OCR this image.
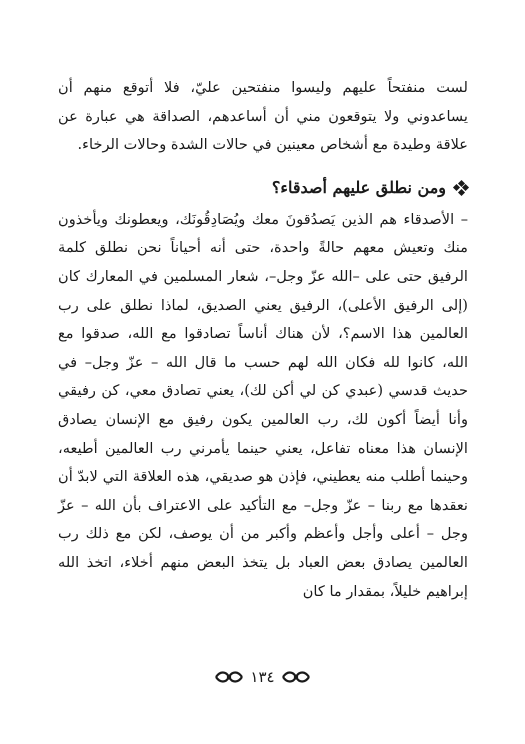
لست منفتحاً عليهم وليسوا منفتحين عليّ، فلا أتوقع منهم أن يساعدوني ولا يتوقعون مني أن أساعدهم، الصداقة هي عبارة عن علاقة وطيدة مع أشخاص معينين في حالات الشدة وحالات الرخاء.

ومن نطلق عليهم أصدقاء؟

– الأصدقاء هم الذين يَصدُقونَ معك ويُصَادِقُونَك، ويعطونك ويأخذون منك وتعيش معهم حالةً واحدة، حتى أنه أحياناً نحن نطلق كلمة الرفيق حتى على –الله عزّ وجل–، شعار المسلمين في المعارك كان (إلى الرفيق الأعلى)، الرفيق يعني الصديق، لماذا نطلق على رب العالمين هذا الاسم؟، لأن هناك أناساً تصادقوا مع الله، صدقوا مع الله، كانوا لله فكان الله لهم حسب ما قال الله – عزّ وجل– في حديث قدسي (عبدي كن لي أكن لك)، يعني تصادق معي، كن رفيقي وأنا أيضاً أكون لك، رب العالمين يكون رفيق مع الإنسان يصادق الإنسان هذا معناه تفاعل، يعني حينما يأمرني رب العالمين أطيعه، وحينما أطلب منه يعطيني، فإذن هو صديقي، هذه العلاقة التي لابدّ أن نعقدها مع ربنا – عزّ وجل– مع التأكيد على الاعتراف بأن الله – عزّ وجل – أعلى وأجل وأعظم وأكبر من أن يوصف، لكن مع ذلك رب العالمين يصادق بعض العباد بل يتخذ البعض منهم أخلاء، اتخذ الله إبراهيم خليلاً، بمقدار ما كان

١٣٤
